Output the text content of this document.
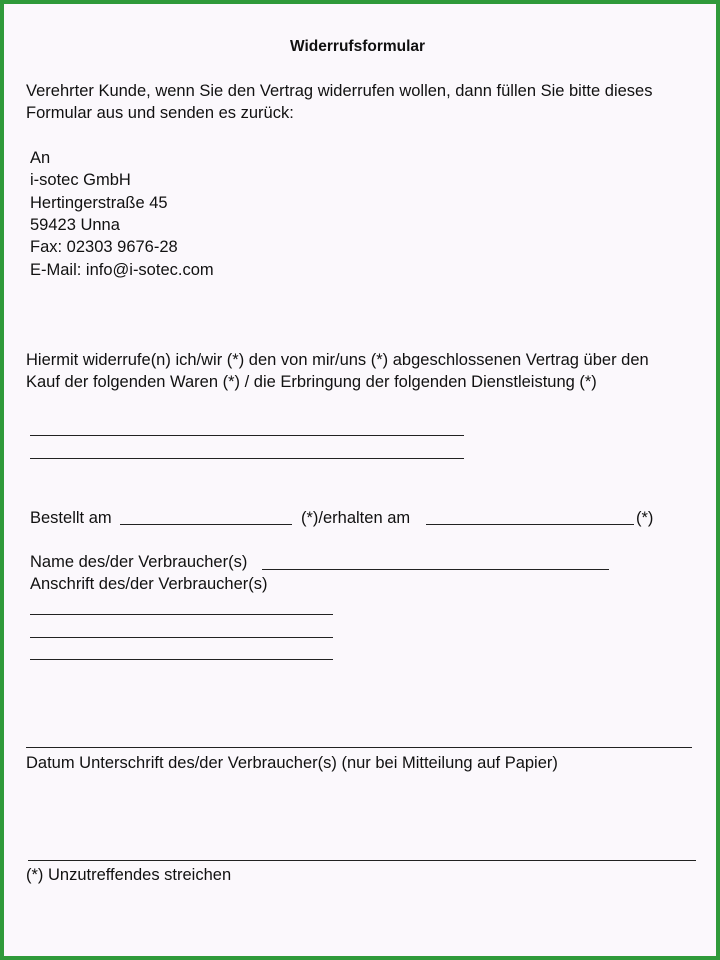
Widerrufsformular
Verehrter Kunde, wenn Sie den Vertrag widerrufen wollen, dann füllen Sie bitte dieses
Formular aus und senden es zurück:
An
i-sotec GmbH
Hertingerstraße 45
59423 Unna
Fax: 02303 9676-28
E-Mail: info@i-sotec.com
Hiermit widerrufe(n) ich/wir (*) den von mir/uns (*) abgeschlossenen Vertrag über den
Kauf der folgenden Waren (*) / die Erbringung der folgenden Dienstleistung (*)
Bestellt am	(*)/erhalten am	(*)
Name des/der Verbraucher(s)
Anschrift des/der Verbraucher(s)
Datum Unterschrift des/der Verbraucher(s) (nur bei Mitteilung auf Papier)
(*) Unzutreffendes streichen
